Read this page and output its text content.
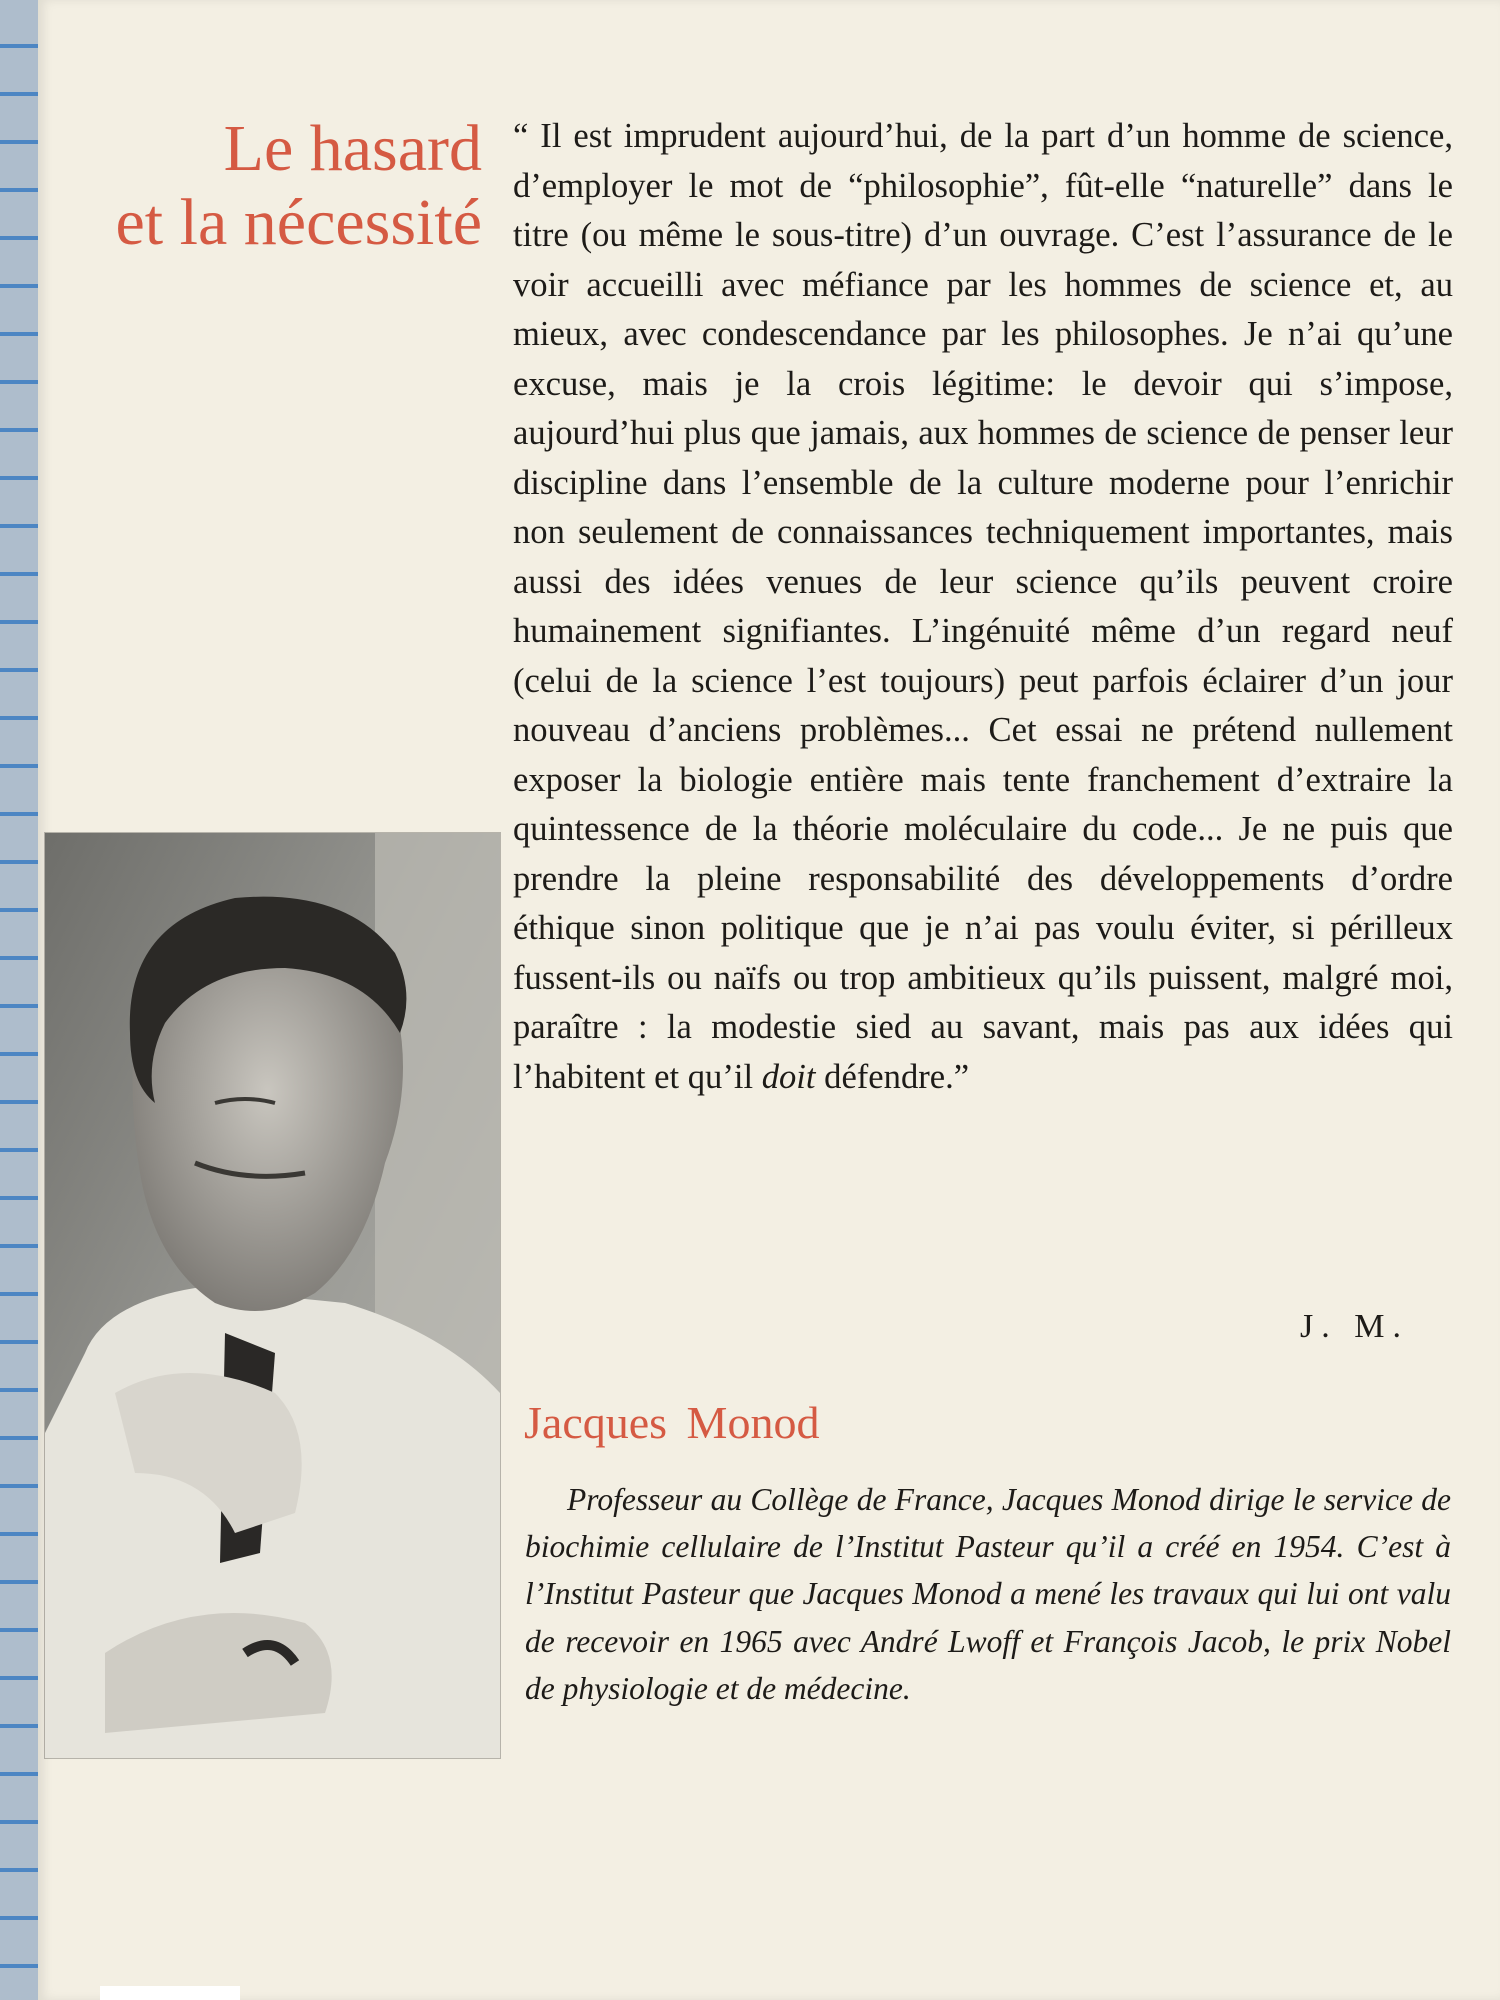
Le hasard
et la nécessité
“ Il est imprudent aujourd’hui, de la part d’un homme de science, d’employer le mot de “philosophie”, fût-elle “naturelle” dans le titre (ou même le sous-titre) d’un ouvrage. C’est l’assurance de le voir accueilli avec méfiance par les hommes de science et, au mieux, avec condescendance par les philosophes. Je n’ai qu’une excuse, mais je la crois légitime: le devoir qui s’impose, aujourd’hui plus que jamais, aux hommes de science de penser leur discipline dans l’ensemble de la culture moderne pour l’enrichir non seulement de connaissances techniquement importantes, mais aussi des idées venues de leur science qu’ils peuvent croire humainement signifiantes. L’ingénuité même d’un regard neuf (celui de la science l’est toujours) peut parfois éclairer d’un jour nouveau d’anciens problèmes... Cet essai ne prétend nullement exposer la biologie entière mais tente franchement d’extraire la quintessence de la théorie moléculaire du code... Je ne puis que prendre la pleine responsabilité des développements d’ordre éthique sinon politique que je n’ai pas voulu éviter, si périlleux fussent-ils ou naïfs ou trop ambitieux qu’ils puissent, malgré moi, paraître : la modestie sied au savant, mais pas aux idées qui l’habitent et qu’il doit défendre.”
J. M.
Jacques Monod
Professeur au Collège de France, Jacques Monod dirige le service de biochimie cellulaire de l’Institut Pasteur qu’il a créé en 1954. C’est à l’Institut Pasteur que Jacques Monod a mené les travaux qui lui ont valu de recevoir en 1965 avec André Lwoff et François Jacob, le prix Nobel de physiologie et de médecine.
